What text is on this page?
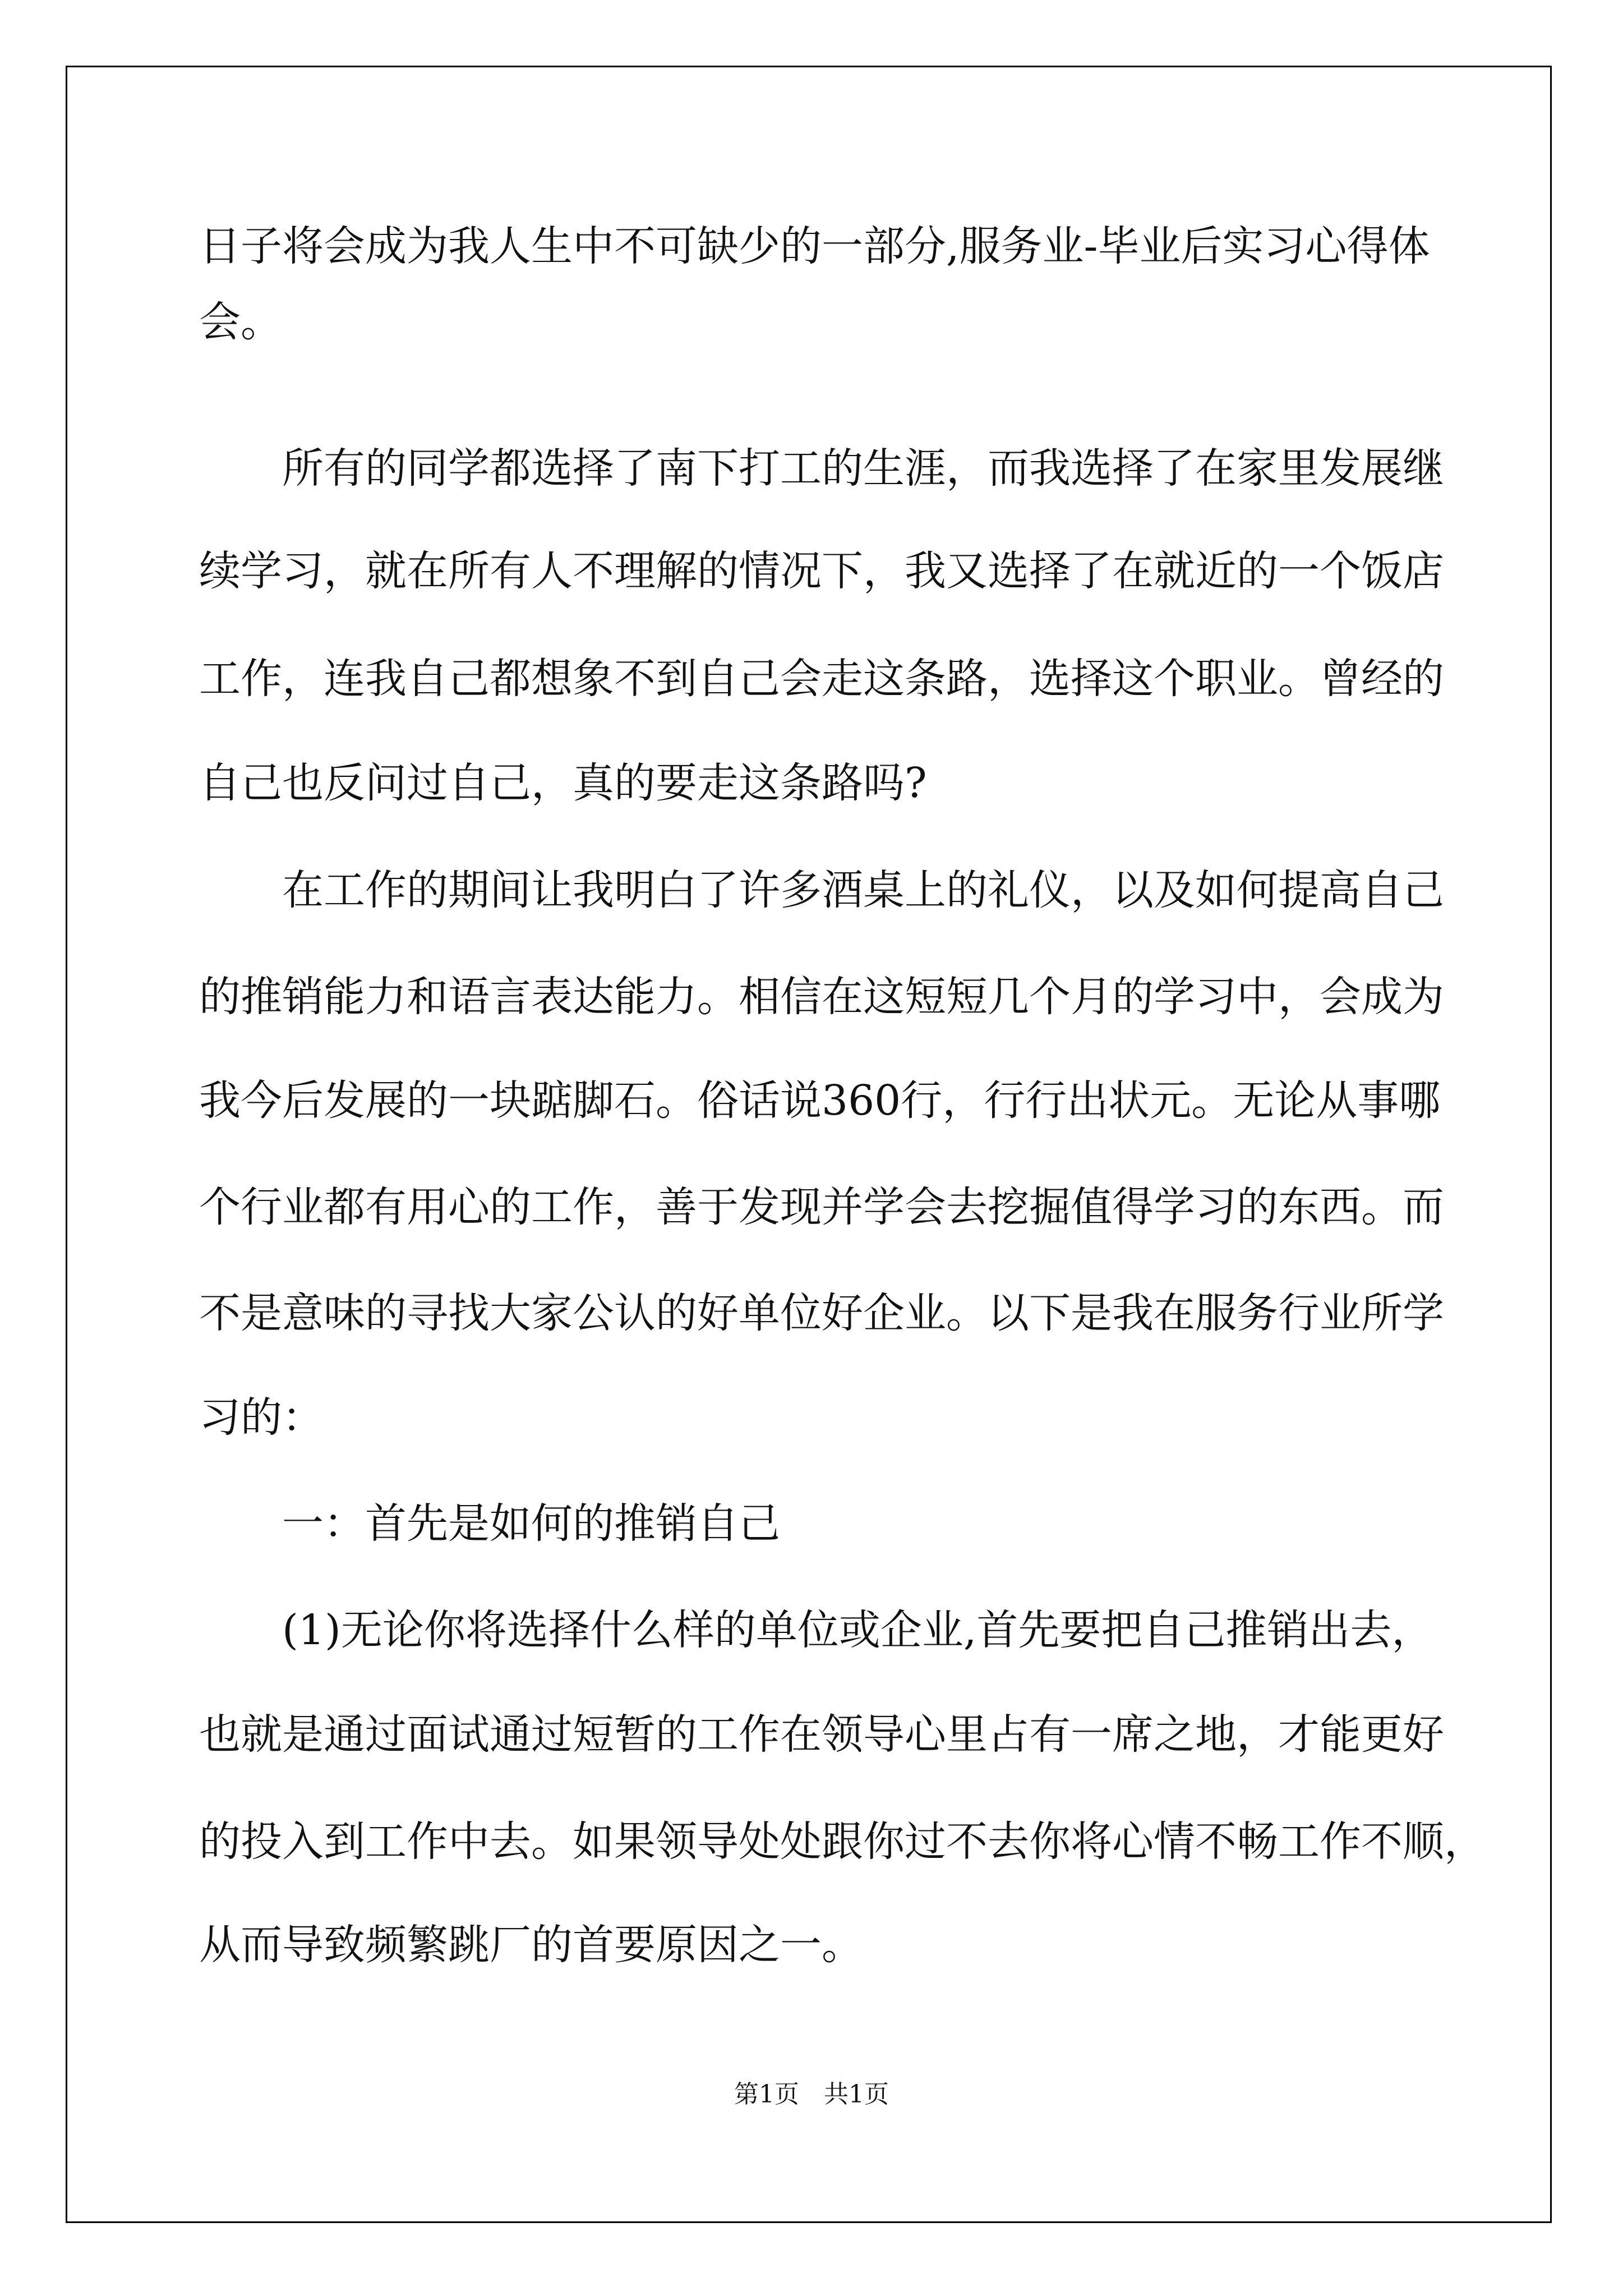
日子将会成为我人生中不可缺少的一部分,服务业-毕业后实习心得体
会。
　　所有的同学都选择了南下打工的生涯，而我选择了在家里发展继
续学习，就在所有人不理解的情况下，我又选择了在就近的一个饭店
工作，连我自己都想象不到自己会走这条路，选择这个职业。曾经的
自己也反问过自己，真的要走这条路吗?
　　在工作的期间让我明白了许多酒桌上的礼仪，以及如何提高自己
的推销能力和语言表达能力。相信在这短短几个月的学习中，会成为
我今后发展的一块踮脚石。俗话说360行，行行出状元。无论从事哪
个行业都有用心的工作，善于发现并学会去挖掘值得学习的东西。而
不是意味的寻找大家公认的好单位好企业。以下是我在服务行业所学
习的：
　　一：首先是如何的推销自己
　　(1)无论你将选择什么样的单位或企业,首先要把自己推销出去，
也就是通过面试通过短暂的工作在领导心里占有一席之地，才能更好
的投入到工作中去。如果领导处处跟你过不去你将心情不畅工作不顺，
从而导致频繁跳厂的首要原因之一。
第1页　共1页
